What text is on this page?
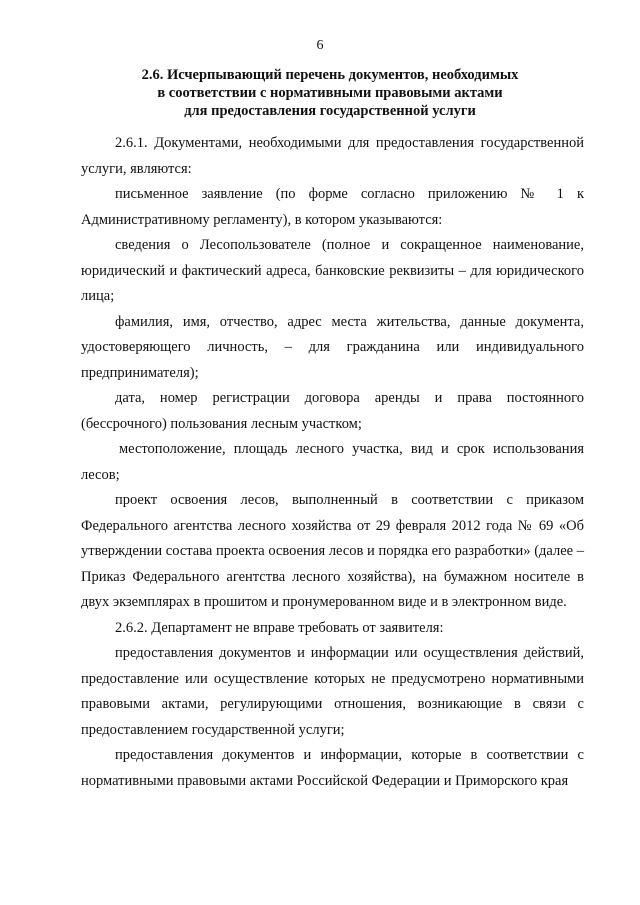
6
2.6. Исчерпывающий перечень документов, необходимых
в соответствии с нормативными правовыми актами
для предоставления государственной услуги

2.6.1. Документами, необходимыми для предоставления государственной услуги, являются:

письменное заявление (по форме согласно приложению № 1 к Административному регламенту), в котором указываются:

сведения о Лесопользователе (полное и сокращенное наименование, юридический и фактический адреса, банковские реквизиты – для юридического лица;

фамилия, имя, отчество, адрес места жительства, данные документа, удостоверяющего личность, – для гражданина или индивидуального предпринимателя);

дата, номер регистрации договора аренды и права постоянного (бессрочного) пользования лесным участком;

местоположение, площадь лесного участка, вид и срок использования лесов;

проект освоения лесов, выполненный в соответствии с приказом Федерального агентства лесного хозяйства от 29 февраля 2012 года № 69 «Об утверждении состава проекта освоения лесов и порядка его разработки» (далее – Приказ Федерального агентства лесного хозяйства), на бумажном носителе в двух экземплярах в прошитом и пронумерованном виде и в электронном виде.

2.6.2. Департамент не вправе требовать от заявителя:

предоставления документов и информации или осуществления действий, предоставление или осуществление которых не предусмотрено нормативными правовыми актами, регулирующими отношения, возникающие в связи с предоставлением государственной услуги;

предоставления документов и информации, которые в соответствии с нормативными правовыми актами Российской Федерации и Приморского края
